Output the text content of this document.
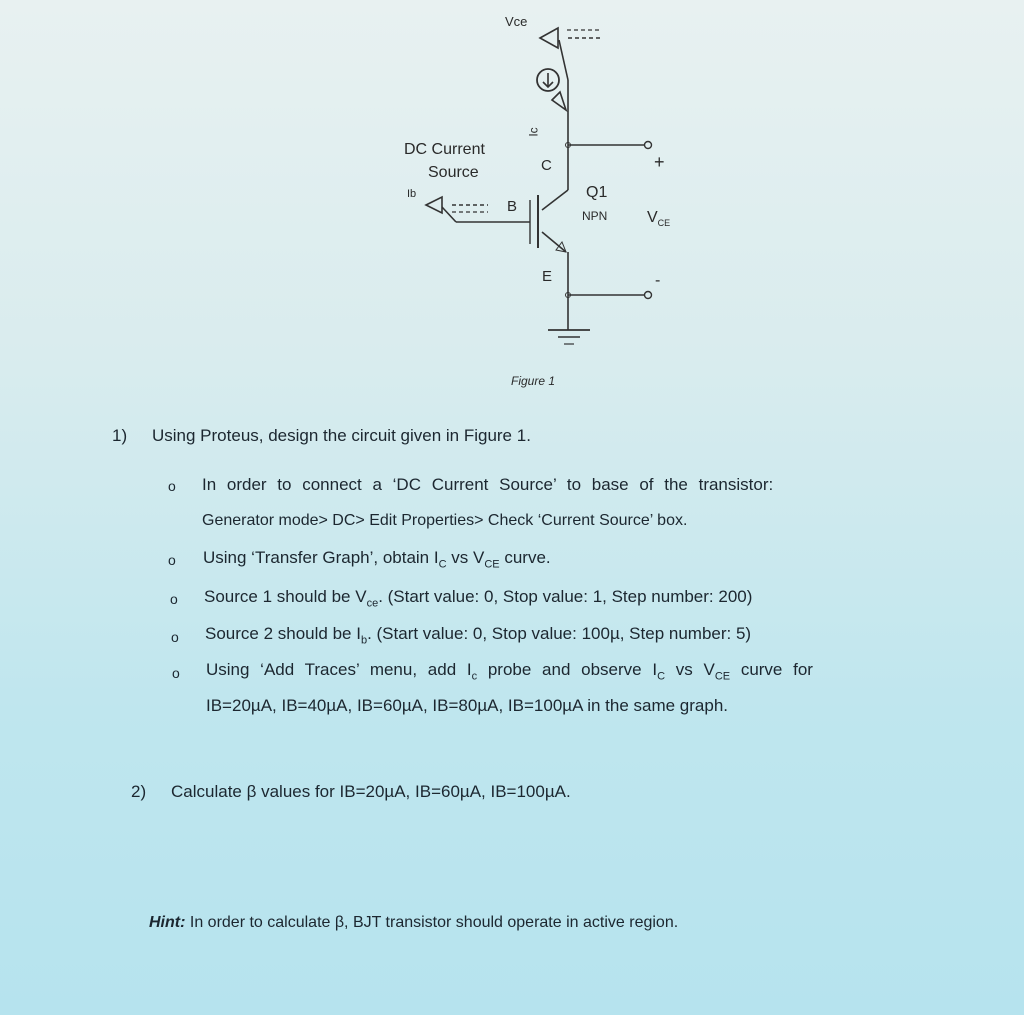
Vce
Ic
DC Current
Source
Ib
B
C
E
Q1
NPN $V_{CE}$
+
-
Figure 1
1) Using Proteus, design the circuit given in Figure 1.
o In order to connect a ‘DC Current Source’ to base of the transistor:
Generator mode> DC> Edit Properties> Check ‘Current Source’ box.
o Using ‘Transfer Graph’, obtain $I_C$ vs $V_{CE}$ curve.
o Source 1 should be $V_{ce}$. (Start value: 0, Stop value: 1, Step number: 200)
o Source 2 should be $I_b$. (Start value: 0, Stop value: 100µ, Step number: 5)
o Using ‘Add Traces’ menu, add $I_c$ probe and observe $I_C$ vs $V_{CE}$ curve for
IB=20µA, IB=40µA, IB=60µA, IB=80µA, IB=100µA in the same graph.
2) Calculate β values for IB=20µA, IB=60µA, IB=100µA.
Hint: In order to calculate β, BJT transistor should operate in active region.
